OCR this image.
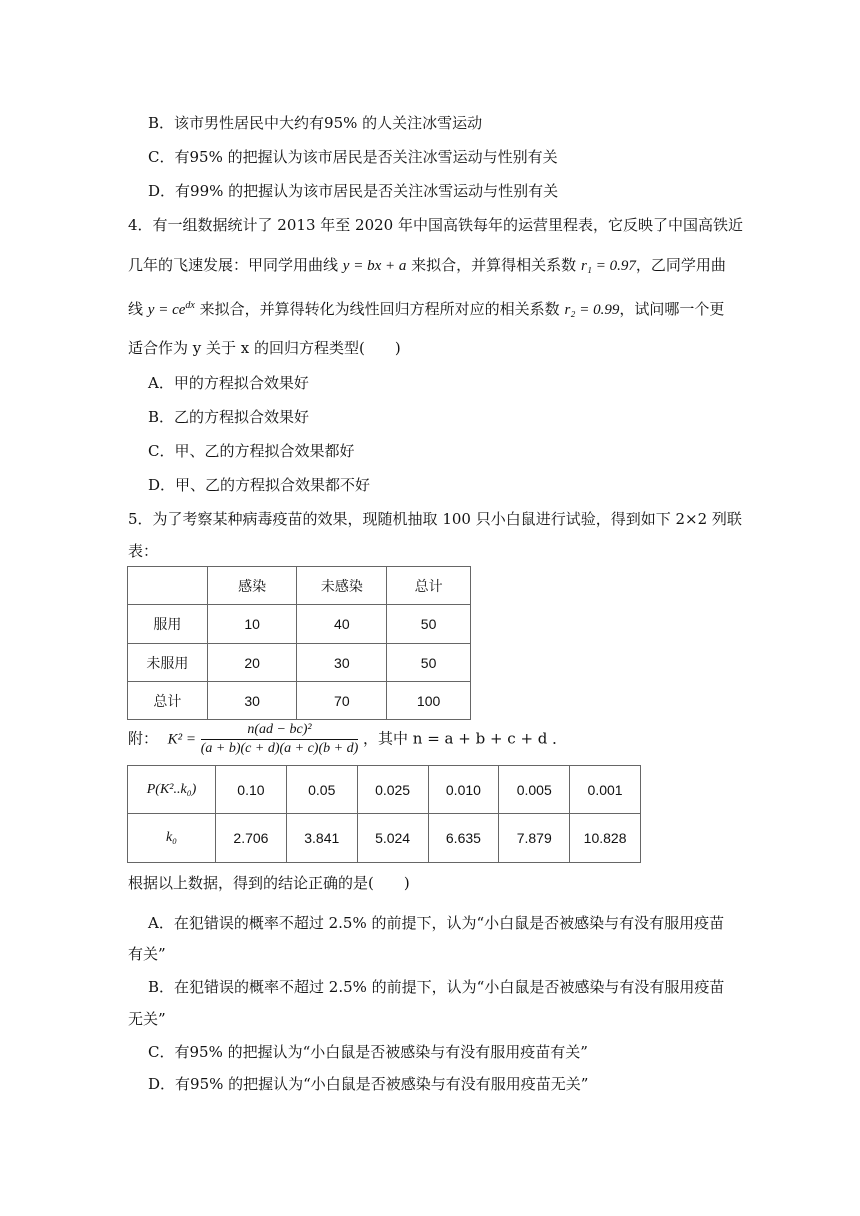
B．该市男性居民中大约有95% 的人关注冰雪运动
C．有95% 的把握认为该市居民是否关注冰雪运动与性别有关
D．有99% 的把握认为该市居民是否关注冰雪运动与性别有关
4．有一组数据统计了 2013 年至 2020 年中国高铁每年的运营里程表，它反映了中国高铁近
几年的飞速发展：甲同学用曲线 y = bx + a 来拟合，并算得相关系数 r₁ = 0.97，乙同学用曲
线 $y = ce^{dx}$ 来拟合，并算得转化为线性回归方程所对应的相关系数 r₂ = 0.99，试问哪一个更
适合作为 y 关于 x 的回归方程类型(　　)
A．甲的方程拟合效果好
B．乙的方程拟合效果好
C．甲、乙的方程拟合效果都好
D．甲、乙的方程拟合效果都不好
5．为了考察某种病毒疫苗的效果，现随机抽取 100 只小白鼠进行试验，得到如下 2×2 列联
表：
	感染	未感染	总计
服用	10	40	50
未服用	20	30	50
总计	30	70	100
附： $K^2 = \frac{\text{n(ad − bc)²}}{(a + b)(c + d)(a + c)(b + d)}$ ，其中 n = a + b + c + d ．
P(K²..k₀)	0.10	0.05	0.025	0.010	0.005	0.001
k₀	2.706	3.841	5.024	6.635	7.879	10.828
根据以上数据，得到的结论正确的是(　　)
A．在犯错误的概率不超过 2.5% 的前提下，认为“小白鼠是否被感染与有没有服用疫苗
有关”
B．在犯错误的概率不超过 2.5% 的前提下，认为“小白鼠是否被感染与有没有服用疫苗
无关”
C．有95% 的把握认为“小白鼠是否被感染与有没有服用疫苗有关”
D．有95% 的把握认为“小白鼠是否被感染与有没有服用疫苗无关”
